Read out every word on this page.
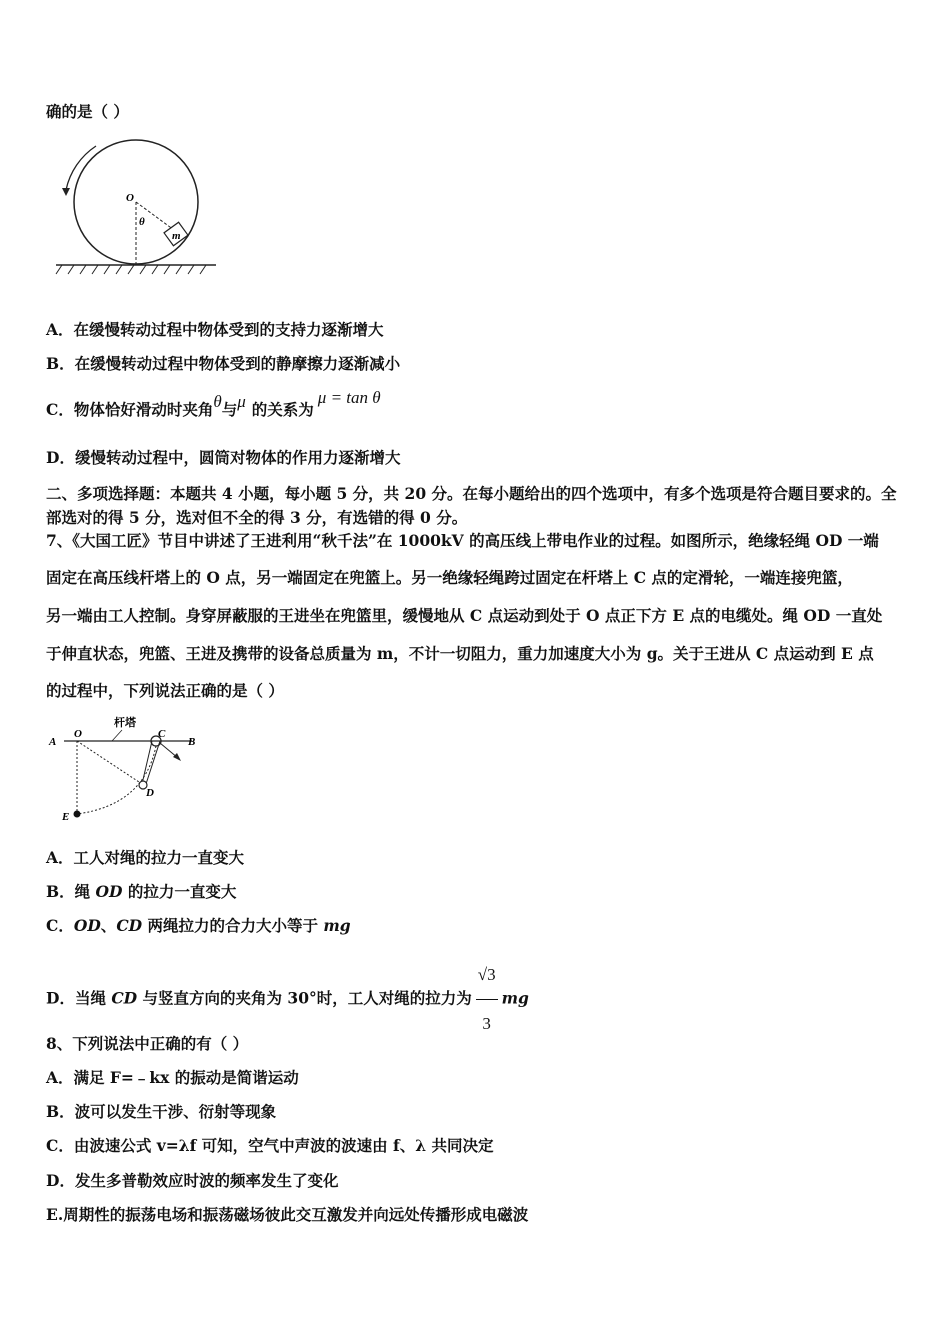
确的是（ ）
m
O
θ
A．在缓慢转动过程中物体受到的支持力逐渐增大
B．在缓慢转动过程中物体受到的静摩擦力逐渐减小
C．物体恰好滑动时夹角θ与μ 的关系为μ = tan θ
D．缓慢转动过程中，圆筒对物体的作用力逐渐增大
二、多项选择题：本题共 4 小题，每小题 5 分，共 20 分。在每小题给出的四个选项中，有多个选项是符合题目要求的。全部选对的得 5 分，选对但不全的得 3 分，有选错的得 0 分。
7、《大国工匠》节目中讲述了王进利用“秋千法”在 1000kV 的高压线上带电作业的过程。如图所示，绝缘轻绳 OD 一端
固定在高压线杆塔上的 O 点，另一端固定在兜篮上。另一绝缘轻绳跨过固定在杆塔上 C 点的定滑轮，一端连接兜篮，
另一端由工人控制。身穿屏蔽服的王进坐在兜篮里，缓慢地从 C 点运动到处于 O 点正下方 E 点的电缆处。绳 OD 一直处
于伸直状态，兜篮、王进及携带的设备总质量为 m，不计一切阻力，重力加速度大小为 g。关于王进从 C 点运动到 E 点
的过程中，下列说法正确的是（ ）
杆塔
A
O	C
B
D
E
A．工人对绳的拉力一直变大
B．绳 OD 的拉力一直变大
C．OD、CD 两绳拉力的合力大小等于 mg
D．当绳 CD 与竖直方向的夹角为 30°时，工人对绳的拉力为 $\frac{√3}{3}$ mg
8、下列说法中正确的有（ ）
A．满足 F=﹣kx 的振动是简谐运动
B．波可以发生干涉、衍射等现象
C．由波速公式 v=λf 可知，空气中声波的波速由 f、λ 共同决定
D．发生多普勒效应时波的频率发生了变化
E.周期性的振荡电场和振荡磁场彼此交互激发并向远处传播形成电磁波
